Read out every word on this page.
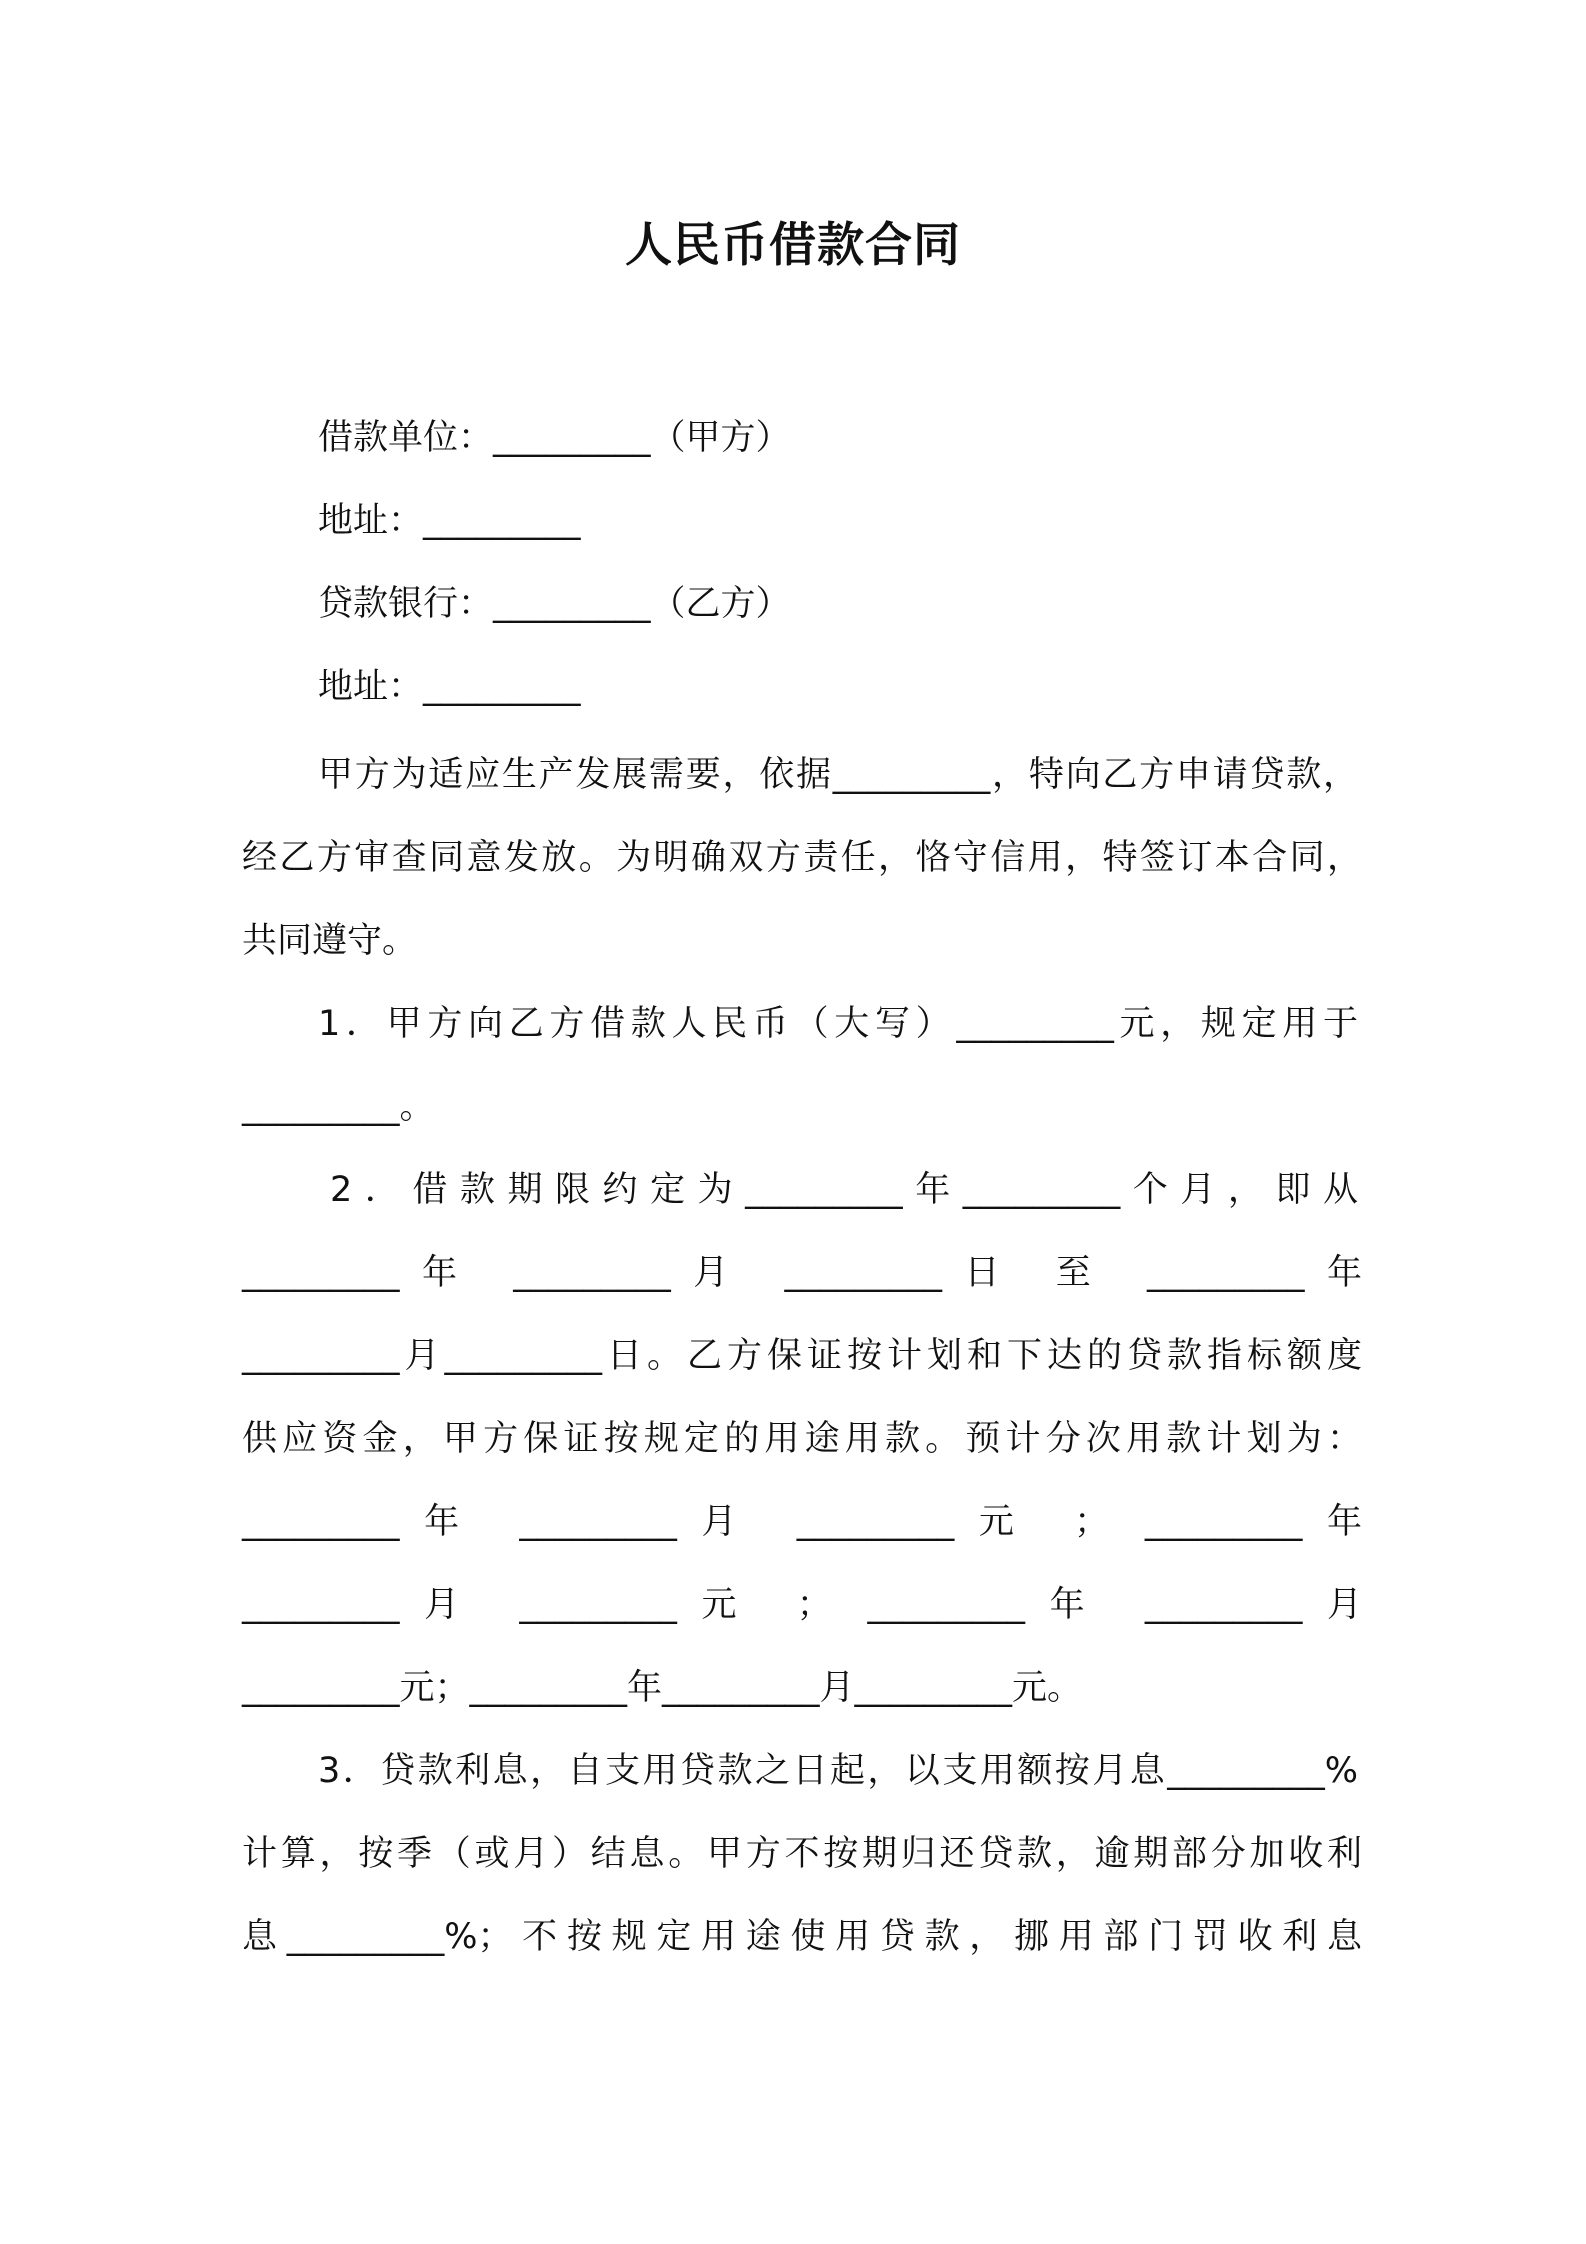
人民币借款合同
借款单位：_________（甲方）
地址：_________
贷款银行：_________（乙方）
地址：_________
甲方为适应生产发展需要，依据_________，特向乙方申请贷款，
经乙方审查同意发放。为明确双方责任，恪守信用，特签订本合同，
共同遵守。
1．甲方向乙方借款人民币（大写）_________元，规定用于
_________。
2．借款期限约定为_________年_________个月，即从
_________年 _________月 _________日 至 _________年
_________月_________日。乙方保证按计划和下达的贷款指标额度
供应资金，甲方保证按规定的用途用款。预计分次用款计划为：
_________年 _________月 _________元 ； _________年
_________月 _________元 ； _________年 _________月
_________元；_________年_________月_________元。
3．贷款利息，自支用贷款之日起，以支用额按月息_________%
计算，按季（或月）结息。甲方不按期归还贷款，逾期部分加收利
息_________%；不按规定用途使用贷款，挪用部门罚收利息
